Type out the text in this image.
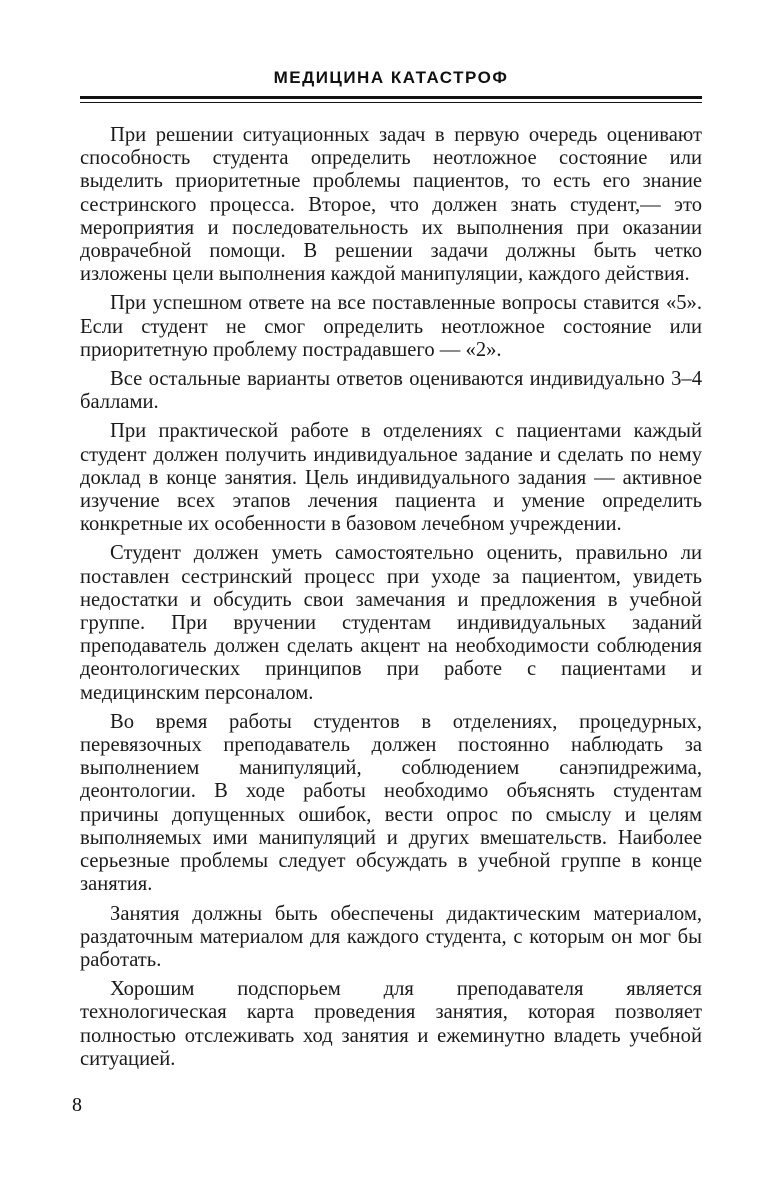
МЕДИЦИНА КАТАСТРОФ

При решении ситуационных задач в первую очередь оценивают способность студента определить неотложное состояние или выделить приоритетные проблемы пациентов, то есть его знание сестринского процесса. Второе, что должен знать студент,— это мероприятия и последовательность их выполнения при оказании доврачебной помощи. В решении задачи должны быть четко изложены цели выполнения каждой манипуляции, каждого действия.

При успешном ответе на все поставленные вопросы ставится «5». Если студент не смог определить неотложное состояние или приоритетную проблему пострадавшего — «2».

Все остальные варианты ответов оцениваются индивидуально 3–4 баллами.

При практической работе в отделениях с пациентами каждый студент должен получить индивидуальное задание и сделать по нему доклад в конце занятия. Цель индивидуального задания — активное изучение всех этапов лечения пациента и умение определить конкретные их особенности в базовом лечебном учреждении.

Студент должен уметь самостоятельно оценить, правильно ли поставлен сестринский процесс при уходе за пациентом, увидеть недостатки и обсудить свои замечания и предложения в учебной группе. При вручении студентам индивидуальных заданий преподаватель должен сделать акцент на необходимости соблюдения деонтологических принципов при работе с пациентами и медицинским персоналом.

Во время работы студентов в отделениях, процедурных, перевязочных преподаватель должен постоянно наблюдать за выполнением манипуляций, соблюдением санэпидрежима, деонтологии. В ходе работы необходимо объяснять студентам причины допущенных ошибок, вести опрос по смыслу и целям выполняемых ими манипуляций и других вмешательств. Наиболее серьезные проблемы следует обсуждать в учебной группе в конце занятия.

Занятия должны быть обеспечены дидактическим материалом, раздаточным материалом для каждого студента, с которым он мог бы работать.

Хорошим подспорьем для преподавателя является технологическая карта проведения занятия, которая позволяет полностью отслеживать ход занятия и ежеминутно владеть учебной ситуацией.

8
